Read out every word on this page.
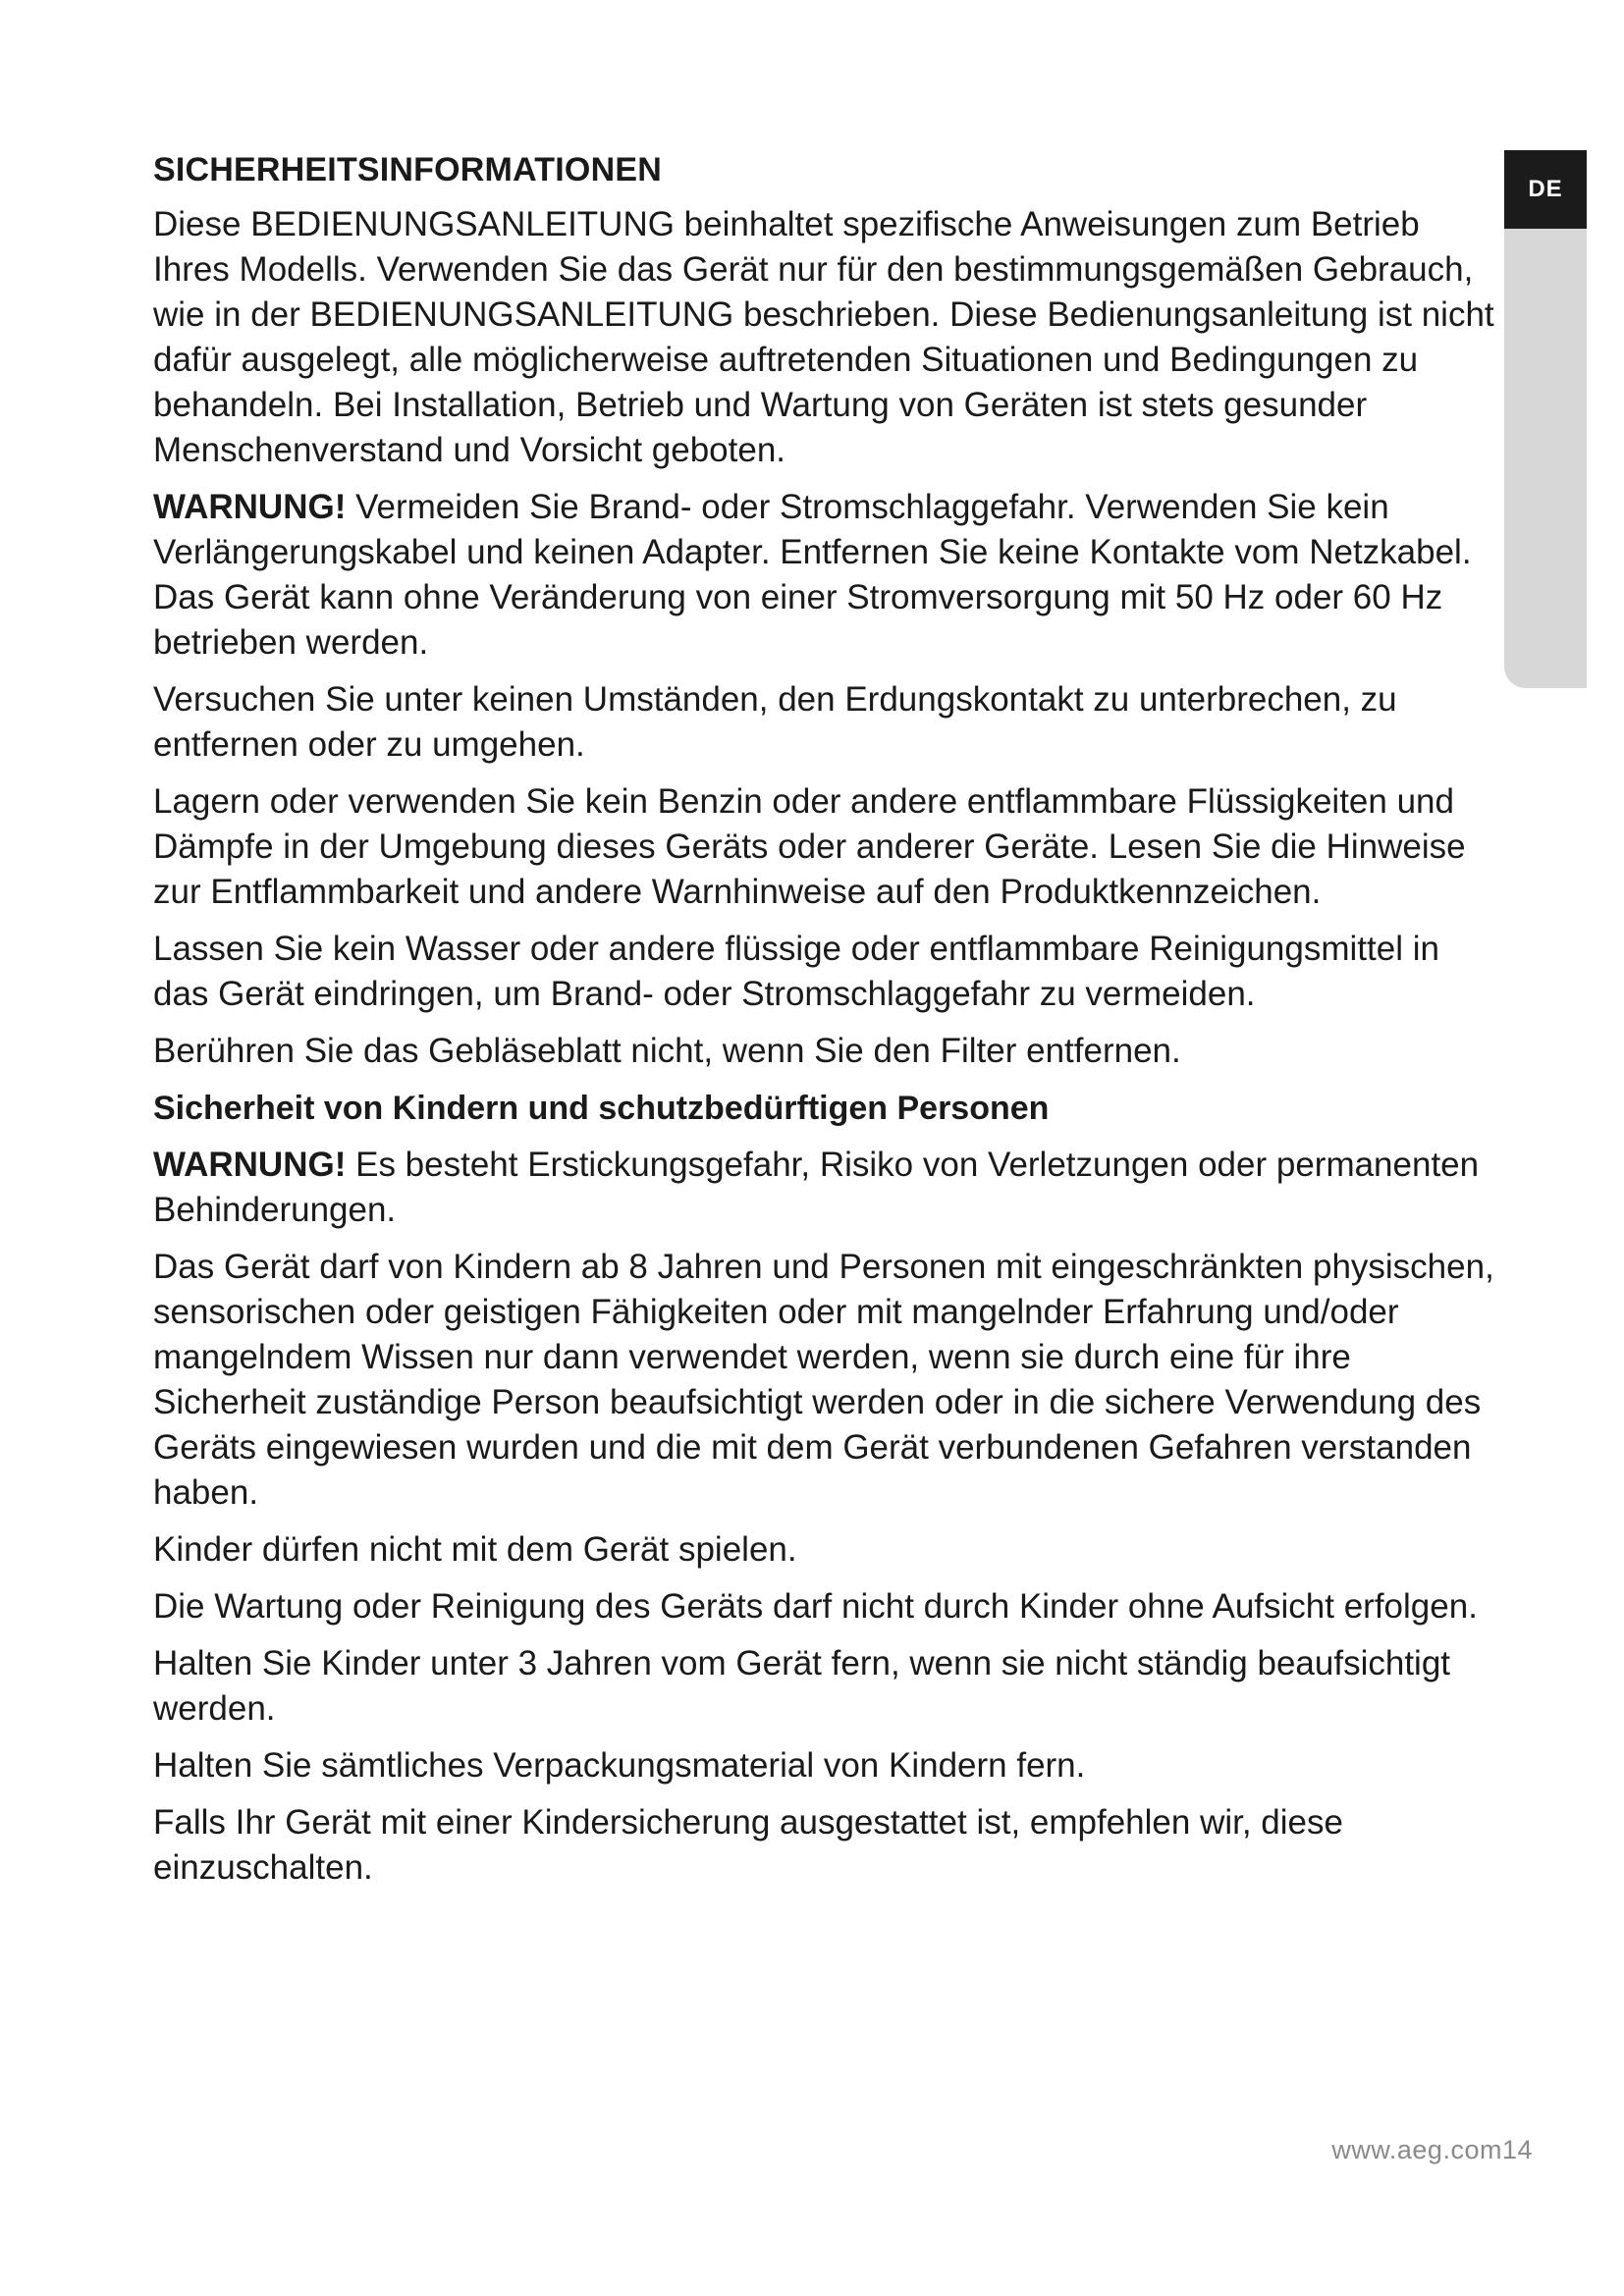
DE
SICHERHEITSINFORMATIONEN

Diese BEDIENUNGSANLEITUNG beinhaltet spezifische Anweisungen zum Betrieb Ihres Modells. Verwenden Sie das Gerät nur für den bestimmungsgemäßen Gebrauch, wie in der BEDIENUNGSANLEITUNG beschrieben. Diese Bedienungsanleitung ist nicht dafür ausgelegt, alle möglicherweise auftretenden Situationen und Bedingungen zu behandeln. Bei Installation, Betrieb und Wartung von Geräten ist stets gesunder Menschenverstand und Vorsicht geboten.

WARNUNG! Vermeiden Sie Brand- oder Stromschlaggefahr. Verwenden Sie kein Verlängerungskabel und keinen Adapter. Entfernen Sie keine Kontakte vom Netzkabel. Das Gerät kann ohne Veränderung von einer Stromversorgung mit 50 Hz oder 60 Hz betrieben werden.

Versuchen Sie unter keinen Umständen, den Erdungskontakt zu unterbrechen, zu entfernen oder zu umgehen.

Lagern oder verwenden Sie kein Benzin oder andere entflammbare Flüssigkeiten und Dämpfe in der Umgebung dieses Geräts oder anderer Geräte. Lesen Sie die Hinweise zur Entflammbarkeit und andere Warnhinweise auf den Produktkennzeichen.

Lassen Sie kein Wasser oder andere flüssige oder entflammbare Reinigungsmittel in das Gerät eindringen, um Brand- oder Stromschlaggefahr zu vermeiden.

Berühren Sie das Gebläseblatt nicht, wenn Sie den Filter entfernen.

Sicherheit von Kindern und schutzbedürftigen Personen

WARNUNG! Es besteht Erstickungsgefahr, Risiko von Verletzungen oder permanenten Behinderungen.

Das Gerät darf von Kindern ab 8 Jahren und Personen mit eingeschränkten physischen, sensorischen oder geistigen Fähigkeiten oder mit mangelnder Erfahrung und/oder mangelndem Wissen nur dann verwendet werden, wenn sie durch eine für ihre Sicherheit zuständige Person beaufsichtigt werden oder in die sichere Verwendung des Geräts eingewiesen wurden und die mit dem Gerät verbundenen Gefahren verstanden haben.

Kinder dürfen nicht mit dem Gerät spielen.

Die Wartung oder Reinigung des Geräts darf nicht durch Kinder ohne Aufsicht erfolgen.

Halten Sie Kinder unter 3 Jahren vom Gerät fern, wenn sie nicht ständig beaufsichtigt werden.

Halten Sie sämtliches Verpackungsmaterial von Kindern fern.

Falls Ihr Gerät mit einer Kindersicherung ausgestattet ist, empfehlen wir, diese einzuschalten.

www.aeg.com14
